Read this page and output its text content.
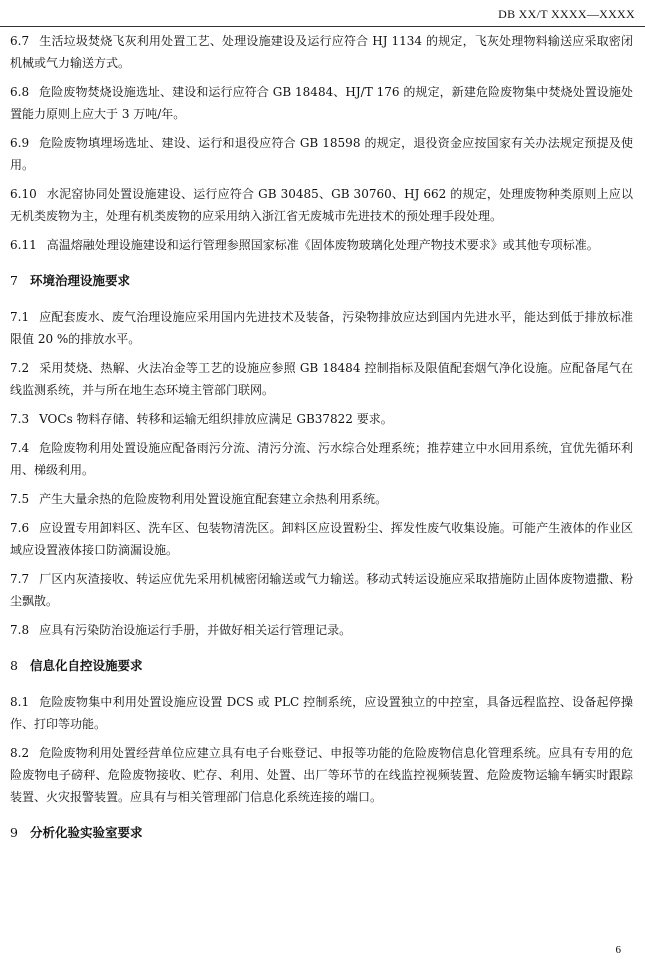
DB XX/T XXXX—XXXX

6.7 生活垃圾焚烧飞灰利用处置工艺、处理设施建设及运行应符合 HJ 1134 的规定，飞灰处理物料输送应采取密闭机械或气力输送方式。

6.8 危险废物焚烧设施选址、建设和运行应符合 GB 18484、HJ/T 176 的规定，新建危险废物集中焚烧处置设施处置能力原则上应大于 3 万吨/年。

6.9 危险废物填埋场选址、建设、运行和退役应符合 GB 18598 的规定，退役资金应按国家有关办法规定预提及使用。

6.10 水泥窑协同处置设施建设、运行应符合 GB 30485、GB 30760、HJ 662 的规定，处理废物种类原则上应以无机类废物为主，处理有机类废物的应采用纳入浙江省无废城市先进技术的预处理手段处理。

6.11 高温熔融处理设施建设和运行管理参照国家标准《固体废物玻璃化处理产物技术要求》或其他专项标准。

7 环境治理设施要求

7.1 应配套废水、废气治理设施应采用国内先进技术及装备，污染物排放应达到国内先进水平，能达到低于排放标准限值 20 %的排放水平。

7.2 采用焚烧、热解、火法冶金等工艺的设施应参照 GB 18484 控制指标及限值配套烟气净化设施。应配备尾气在线监测系统，并与所在地生态环境主管部门联网。

7.3 VOCs 物料存储、转移和运输无组织排放应满足 GB37822 要求。

7.4 危险废物利用处置设施应配备雨污分流、清污分流、污水综合处理系统；推荐建立中水回用系统，宜优先循环利用、梯级利用。

7.5 产生大量余热的危险废物利用处置设施宜配套建立余热利用系统。

7.6 应设置专用卸料区、洗车区、包装物清洗区。卸料区应设置粉尘、挥发性废气收集设施。可能产生液体的作业区域应设置液体接口防滴漏设施。

7.7 厂区内灰渣接收、转运应优先采用机械密闭输送或气力输送。移动式转运设施应采取措施防止固体废物遗撒、粉尘飘散。

7.8 应具有污染防治设施运行手册，并做好相关运行管理记录。

8 信息化自控设施要求

8.1 危险废物集中利用处置设施应设置 DCS 或 PLC 控制系统，应设置独立的中控室，具备远程监控、设备起停操作、打印等功能。

8.2 危险废物利用处置经营单位应建立具有电子台账登记、申报等功能的危险废物信息化管理系统。应具有专用的危险废物电子磅秤、危险废物接收、贮存、利用、处置、出厂等环节的在线监控视频装置、危险废物运输车辆实时跟踪装置、火灾报警装置。应具有与相关管理部门信息化系统连接的端口。

9 分析化验实验室要求
6
